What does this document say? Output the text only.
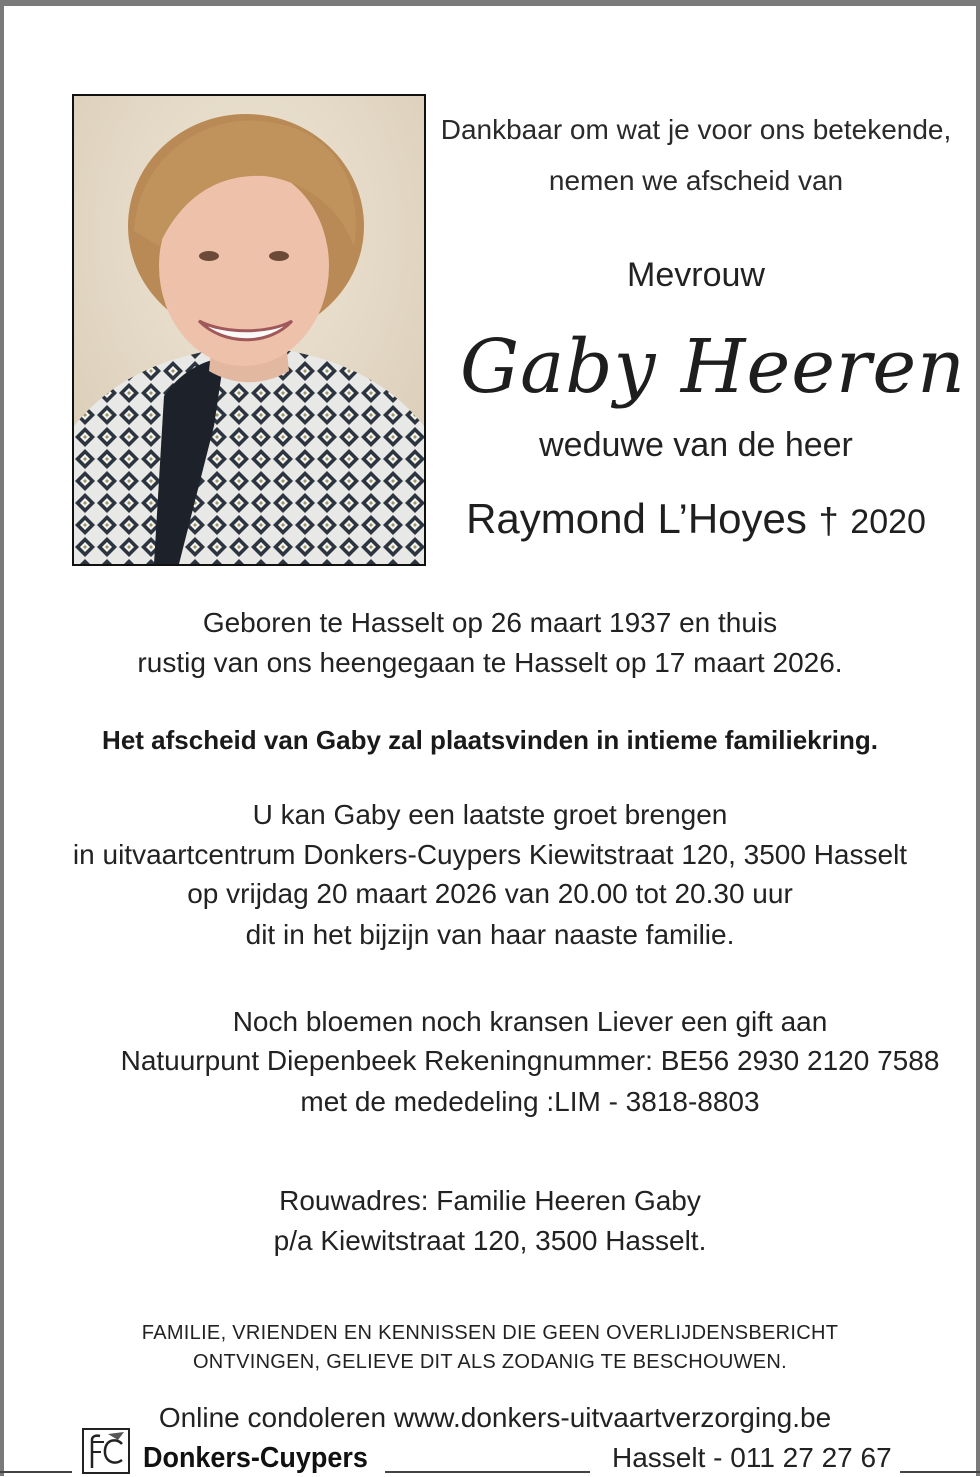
Dankbaar om wat je voor ons betekende,
nemen we afscheid van
Mevrouw
Gaby Heeren
weduwe van de heer
Raymond L’Hoyes † 2020
Geboren te Hasselt op 26 maart 1937 en thuis
rustig van ons heengegaan te Hasselt op 17 maart 2026.
Het afscheid van Gaby zal plaatsvinden in intieme familiekring.
U kan Gaby een laatste groet brengen
in uitvaartcentrum Donkers-Cuypers Kiewitstraat 120, 3500 Hasselt
op vrijdag 20 maart 2026 van 20.00 tot 20.30 uur
dit in het bijzijn van haar naaste familie.
Noch bloemen noch kransen Liever een gift aan
Natuurpunt Diepenbeek Rekeningnummer: BE56 2930 2120 7588
met de mededeling :LIM - 3818-8803
Rouwadres: Familie Heeren Gaby
p/a Kiewitstraat 120, 3500 Hasselt.
FAMILIE, VRIENDEN EN KENNISSEN DIE GEEN OVERLIJDENSBERICHT
ONTVINGEN, GELIEVE DIT ALS ZODANIG TE BESCHOUWEN.
Online condoleren www.donkers-uitvaartverzorging.be
Donkers-Cuypers	Hasselt - 011 27 27 67
